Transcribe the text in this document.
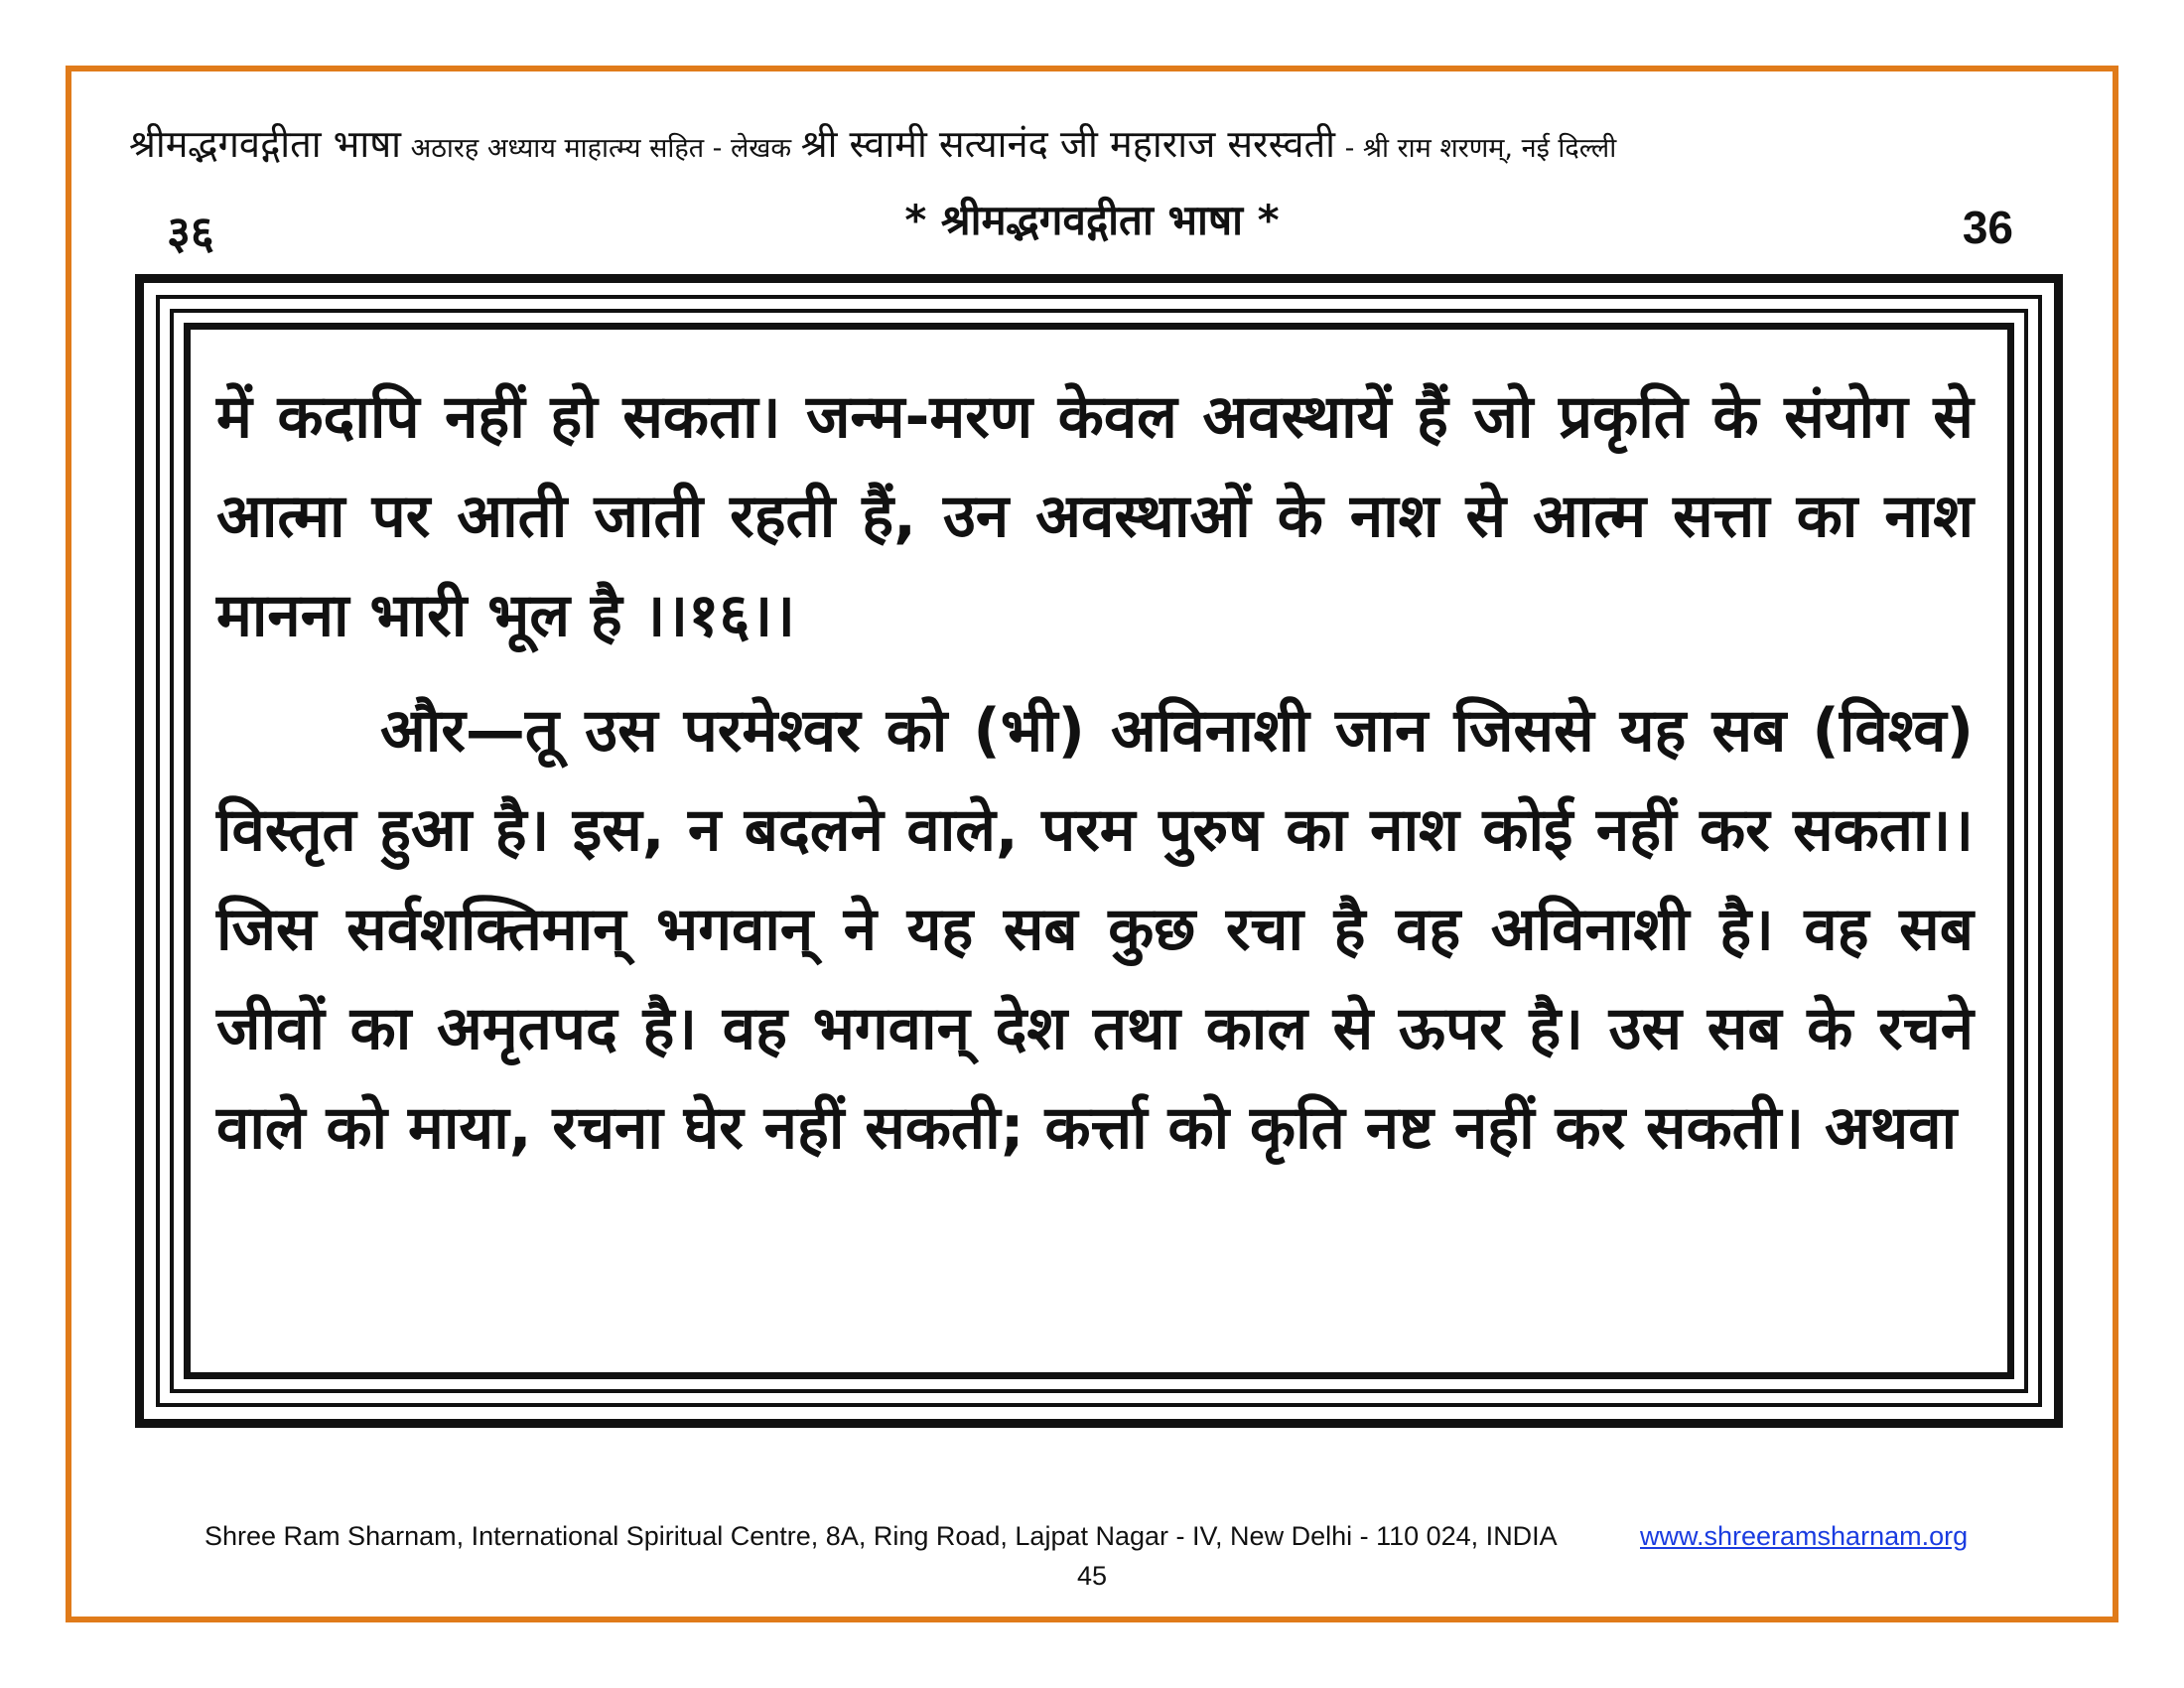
श्रीमद्भगवद्गीता भाषा अठारह अध्याय माहात्म्य सहित - लेखक श्री स्वामी सत्यानंद जी महाराज सरस्वती - श्री राम शरणम्, नई दिल्ली
३६	* श्रीमद्भगवद्गीता भाषा *	36

में कदापि नहीं हो सकता। जन्म-मरण केवल अवस्थायें हैं जो प्रकृति के संयोग से आत्मा पर आती जाती रहती हैं, उन अवस्थाओं के नाश से आत्म सत्ता का नाश मानना भारी भूल है ।।१६।।

और—तू उस परमेश्वर को (भी) अविनाशी जान जिससे यह सब (विश्व) विस्तृत हुआ है। इस, न बदलने वाले, परम पुरुष का नाश कोई नहीं कर सकता।। जिस सर्वशक्तिमान् भगवान् ने यह सब कुछ रचा है वह अविनाशी है। वह सब जीवों का अमृतपद है। वह भगवान् देश तथा काल से ऊपर है। उस सब के रचने वाले को माया, रचना घेर नहीं सकती; कर्त्ता को कृति नष्ट नहीं कर सकती। अथवा

Shree Ram Sharnam, International Spiritual Centre, 8A, Ring Road, Lajpat Nagar - IV, New Delhi - 110 024, INDIA	www.shreeramsharnam.org
45
